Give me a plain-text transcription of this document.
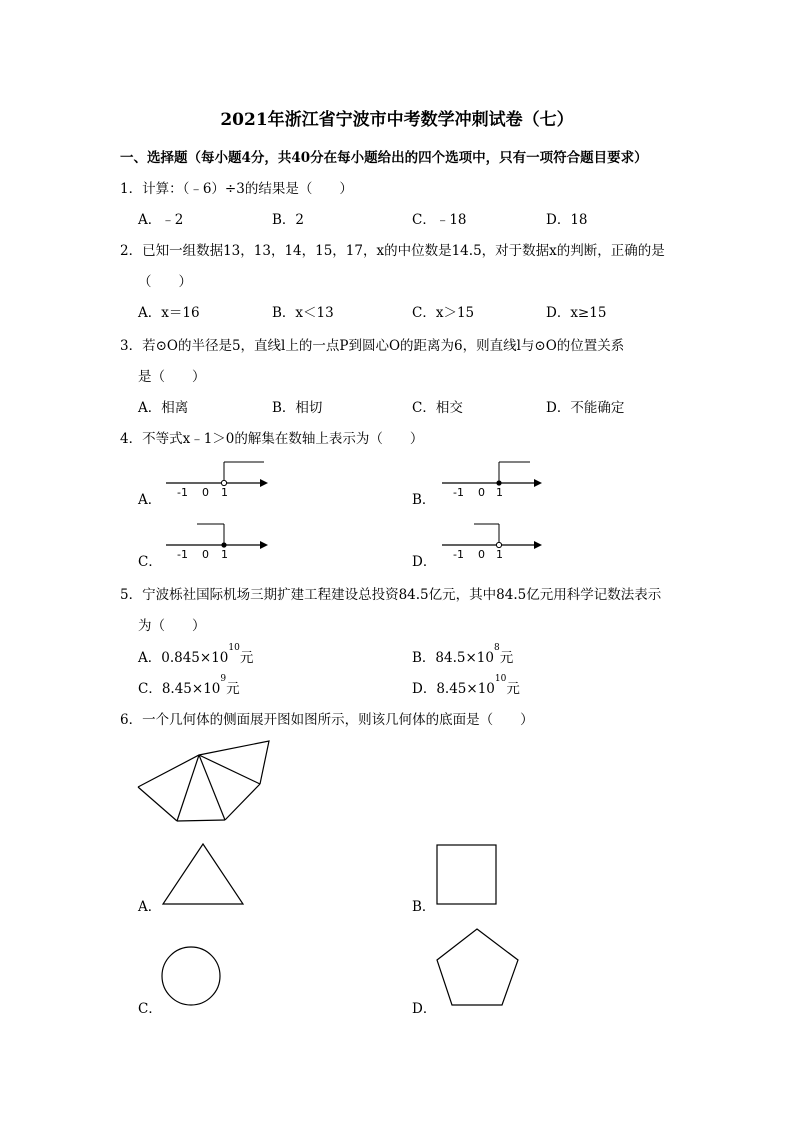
2021年浙江省宁波市中考数学冲刺试卷（七）
一、选择题（每小题4分，共40分在每小题给出的四个选项中，只有一项符合题目要求）
1．计算：（﹣6）÷3的结果是（　　）
A．﹣2	B．2	C．﹣18	D．18
2．已知一组数据13，13，14，15，17，x的中位数是14.5，对于数据x的判断，正确的是
（　　）
A．x＝16	B．x＜13	C．x＞15	D．x≥15
3．若⊙O的半径是5，直线l上的一点P到圆心O的距离为6，则直线l与⊙O的位置关系
是（　　）
A．相离	B．相切	C．相交	D．不能确定
4．不等式x﹣1＞0的解集在数轴上表示为（　　）
A． -1 0 1	B． -1 0 1
C． -1 0 1	D． -1 0 1
5．宁波栎社国际机场三期扩建工程建设总投资84.5亿元，其中84.5亿元用科学记数法表示
为（　　）
A．$0.845\times 10^{10}$元	B．$84.5\times 10^8$元
C．$8.45\times 10^9$元	D．$8.45\times 10^{10}$元
6．一个几何体的侧面展开图如图所示，则该几何体的底面是（　　）
A．	B．
C．	D．
